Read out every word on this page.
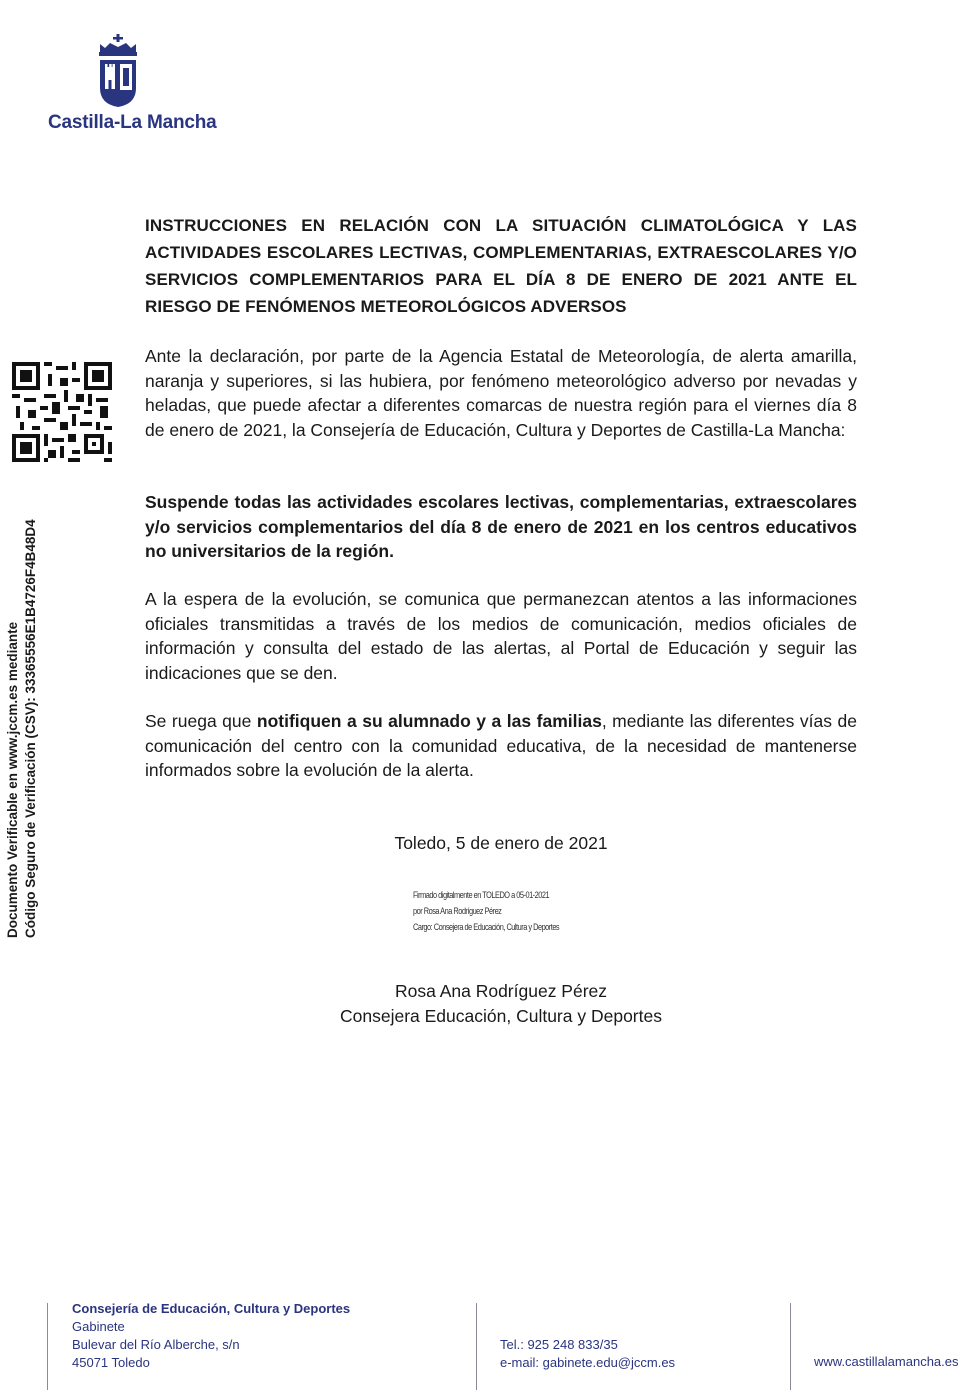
Castilla-La Mancha
Documento Verificable en www.jccm.es mediante Código Seguro de Verificación (CSV): 33365556E1B4726F4B48D4
INSTRUCCIONES EN RELACIÓN CON LA SITUACIÓN CLIMATOLÓGICA Y LAS ACTIVIDADES ESCOLARES LECTIVAS, COMPLEMENTARIAS, EXTRAESCOLARES Y/O SERVICIOS COMPLEMENTARIOS PARA EL DÍA 8 DE ENERO DE 2021 ANTE EL RIESGO DE FENÓMENOS METEOROLÓGICOS ADVERSOS
Ante la declaración, por parte de la Agencia Estatal de Meteorología, de alerta amarilla, naranja y superiores, si las hubiera, por fenómeno meteorológico adverso por nevadas y heladas, que puede afectar a diferentes comarcas de nuestra región para el viernes día 8 de enero de 2021, la Consejería de Educación, Cultura y Deportes de Castilla-La Mancha:
Suspende todas las actividades escolares lectivas, complementarias, extraescolares y/o servicios complementarios del día 8 de enero de 2021 en los centros educativos no universitarios de la región.
A la espera de la evolución, se comunica que permanezcan atentos a las informaciones oficiales transmitidas a través de los medios de comunicación, medios oficiales de información y consulta del estado de las alertas, al Portal de Educación y seguir las indicaciones que se den.
Se ruega que notifiquen a su alumnado y a las familias, mediante las diferentes vías de comunicación del centro con la comunidad educativa, de la necesidad de mantenerse informados sobre la evolución de la alerta.
Toledo, 5 de enero de 2021
Firmado digitalmente en TOLEDO a 05-01-2021
por Rosa Ana Rodríguez Pérez
Cargo: Consejera de Educación, Cultura y Deportes
Rosa Ana Rodríguez Pérez
Consejera Educación, Cultura y Deportes
Consejería de Educación, Cultura y Deportes
Gabinete
Bulevar del Río Alberche, s/n
45071 Toledo
Tel.: 925 248 833/35
e-mail: gabinete.edu@jccm.es	www.castillalamancha.es
